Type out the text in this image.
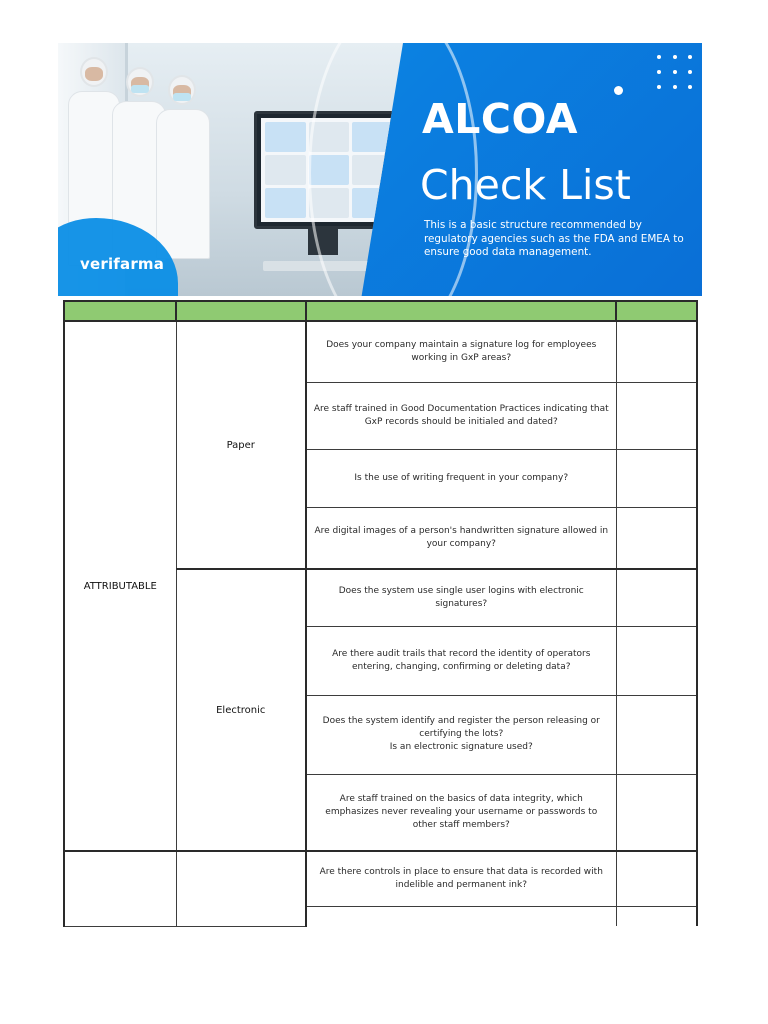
verifarma
ALCOA
Check List
This is a basic structure recommended by regulatory agencies such as the FDA and EMEA to ensure good data management.

ATTRIBUTABLE	Paper	Does your company maintain a signature log for employees working in GxP areas?	
		Are staff trained in Good Documentation Practices indicating that GxP records should be initialed and dated?	
		Is the use of writing frequent in your company?	
		Are digital images of a person's handwritten signature allowed in your company?	
	Electronic	Does the system use single user logins with electronic signatures?	
		Are there audit trails that record the identity of operators entering, changing, confirming or deleting data?	
		Does the system identify and register the person releasing or certifying the lots?
Is an electronic signature used?	
		Are staff trained on the basics of data integrity, which emphasizes never revealing your username or passwords to other staff members?	
		Are there controls in place to ensure that data is recorded with indelible and permanent ink?	
